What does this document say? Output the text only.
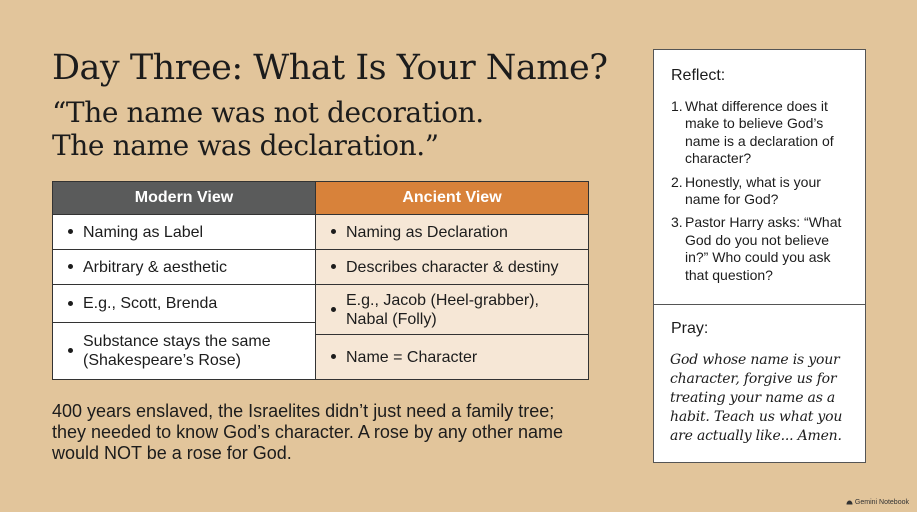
Day Three: What Is Your Name?
“The name was not decoration. The name was declaration.”
Modern View
Naming as Label
Arbitrary & aesthetic
E.g., Scott, Brenda
Substance stays the same (Shakespeare’s Rose)
Ancient View
Naming as Declaration
Describes character & destiny
E.g., Jacob (Heel-grabber), Nabal (Folly)
Name = Character
400 years enslaved, the Israelites didn’t just need a family tree; they needed to know God’s character. A rose by any other name would NOT be a rose for God.
Reflect:
1. What difference does it make to believe God’s name is a declaration of character?
2. Honestly, what is your name for God?
3. Pastor Harry asks: “What God do you not believe in?” Who could you ask that question?
Pray:
God whose name is your character, forgive us for treating your name as a habit. Teach us what you are actually like... Amen.
Gemini Notebook
